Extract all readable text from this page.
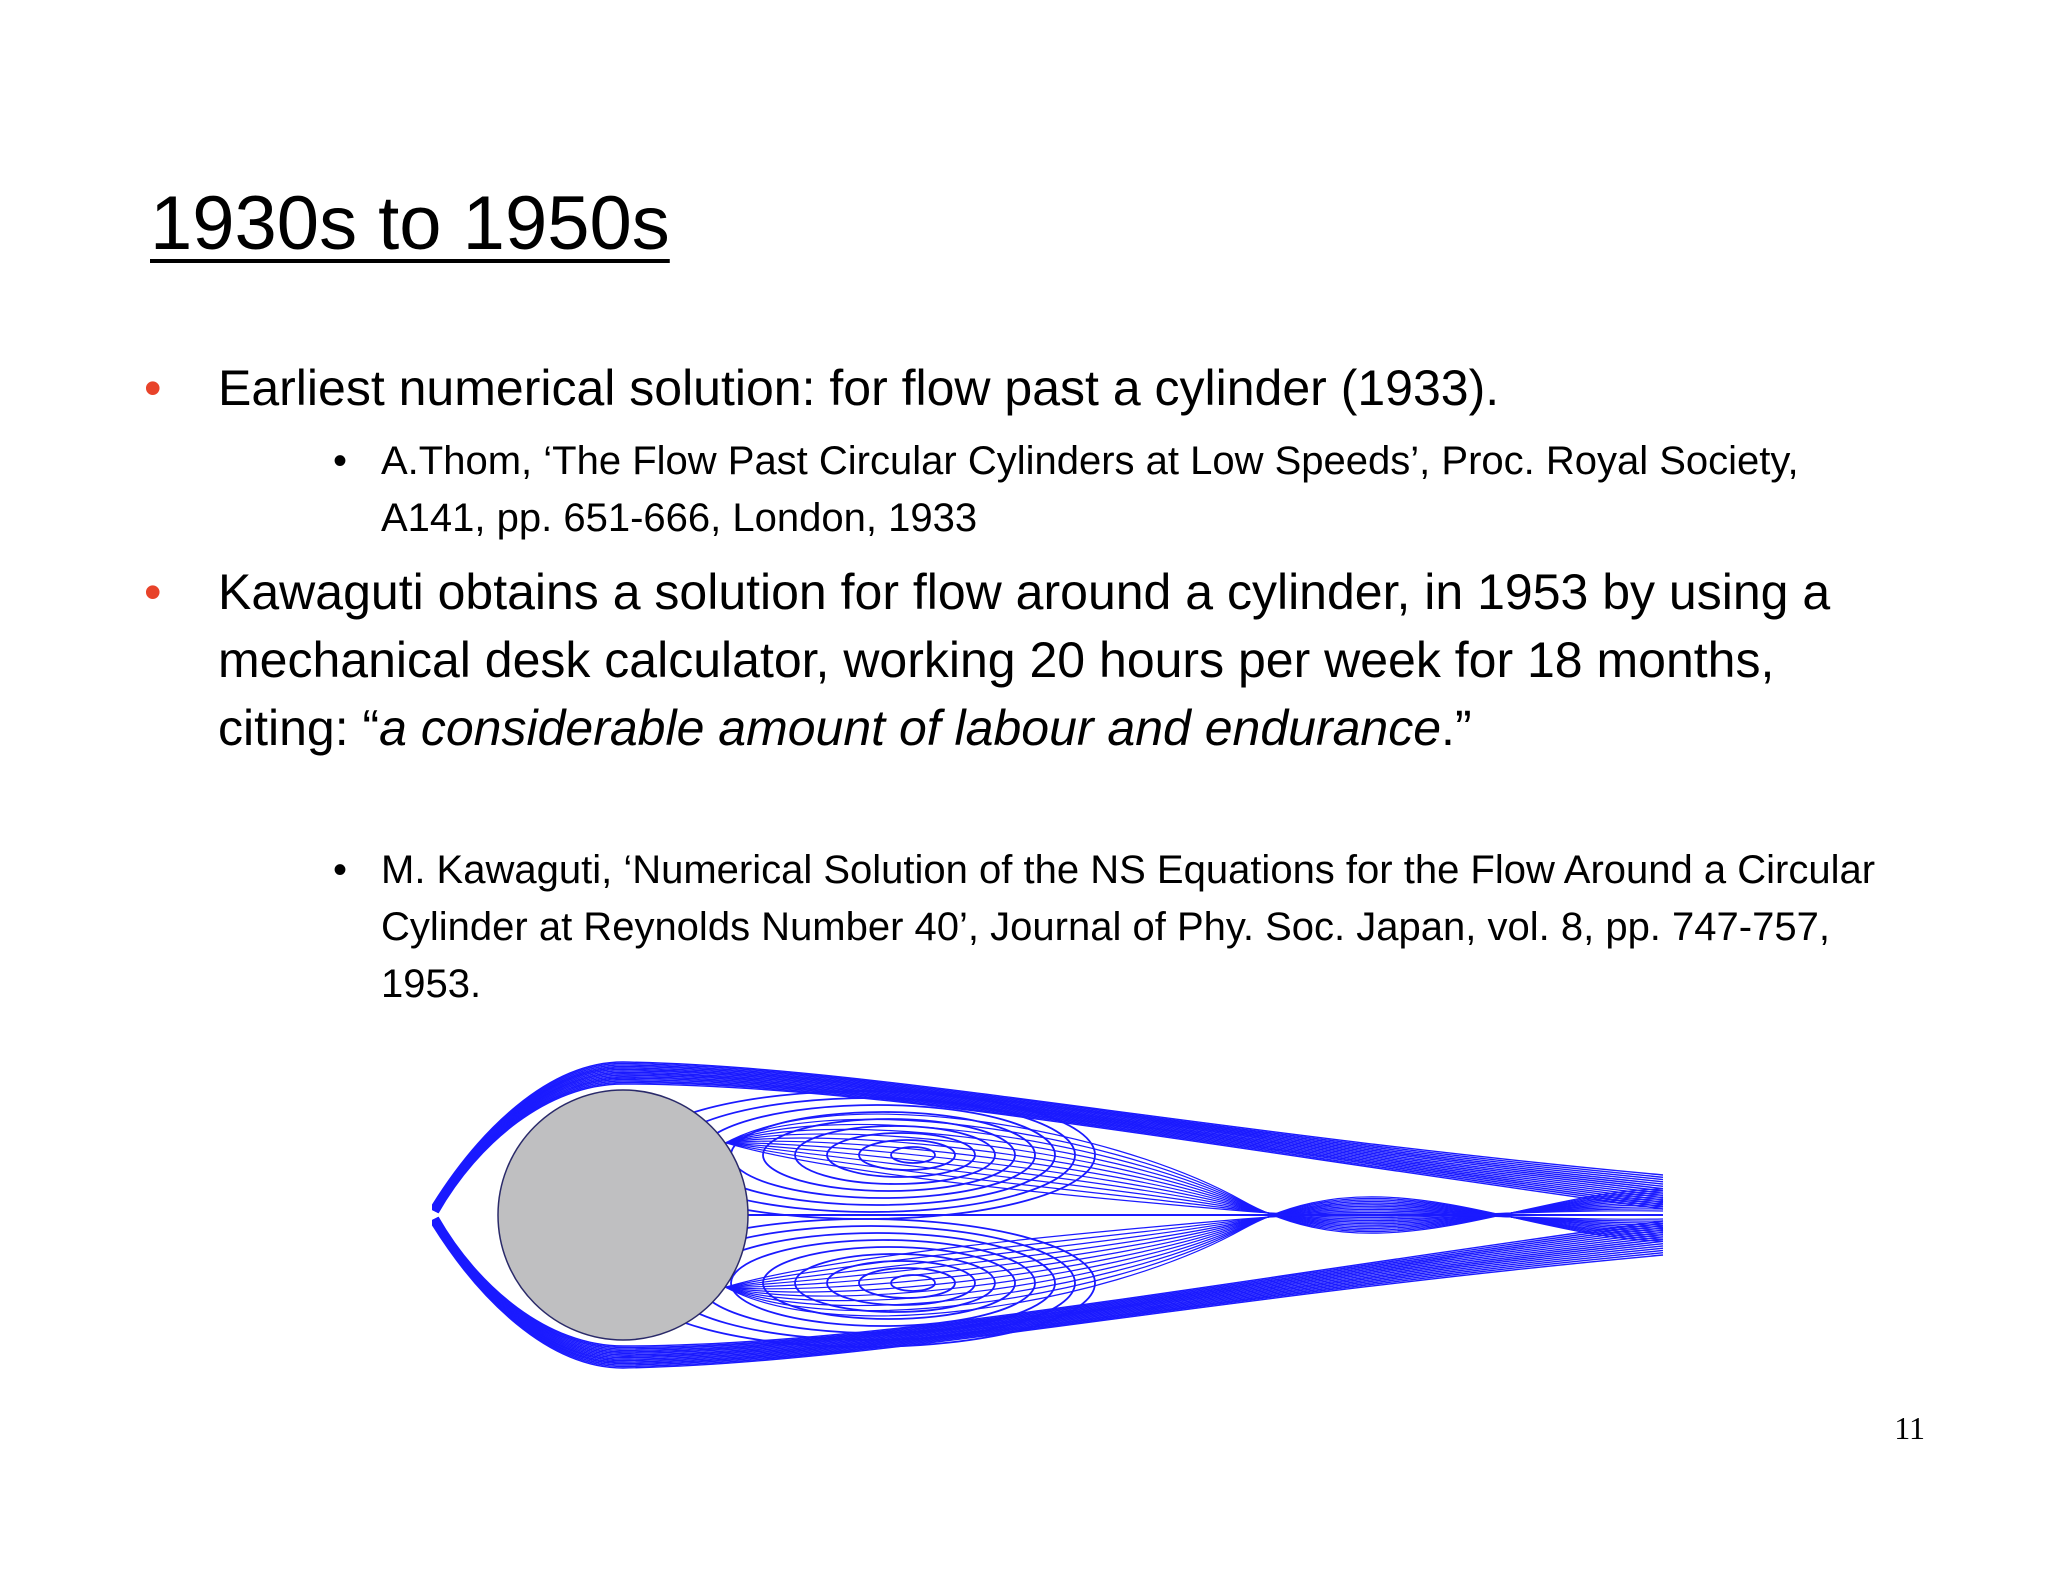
1930s to 1950s
• Earliest numerical solution: for flow past a cylinder (1933).
• A.Thom, ‘The Flow Past Circular Cylinders at Low Speeds’, Proc. Royal Society, A141, pp. 651-666, London, 1933
• Kawaguti obtains a solution for flow around a cylinder, in 1953 by using a mechanical desk calculator, working 20 hours per week for 18 months, citing: “a considerable amount of labour and endurance.”
• M. Kawaguti, ‘Numerical Solution of the NS Equations for the Flow Around a Circular Cylinder at Reynolds Number 40’, Journal of Phy. Soc. Japan, vol. 8, pp. 747-757, 1953.
11
